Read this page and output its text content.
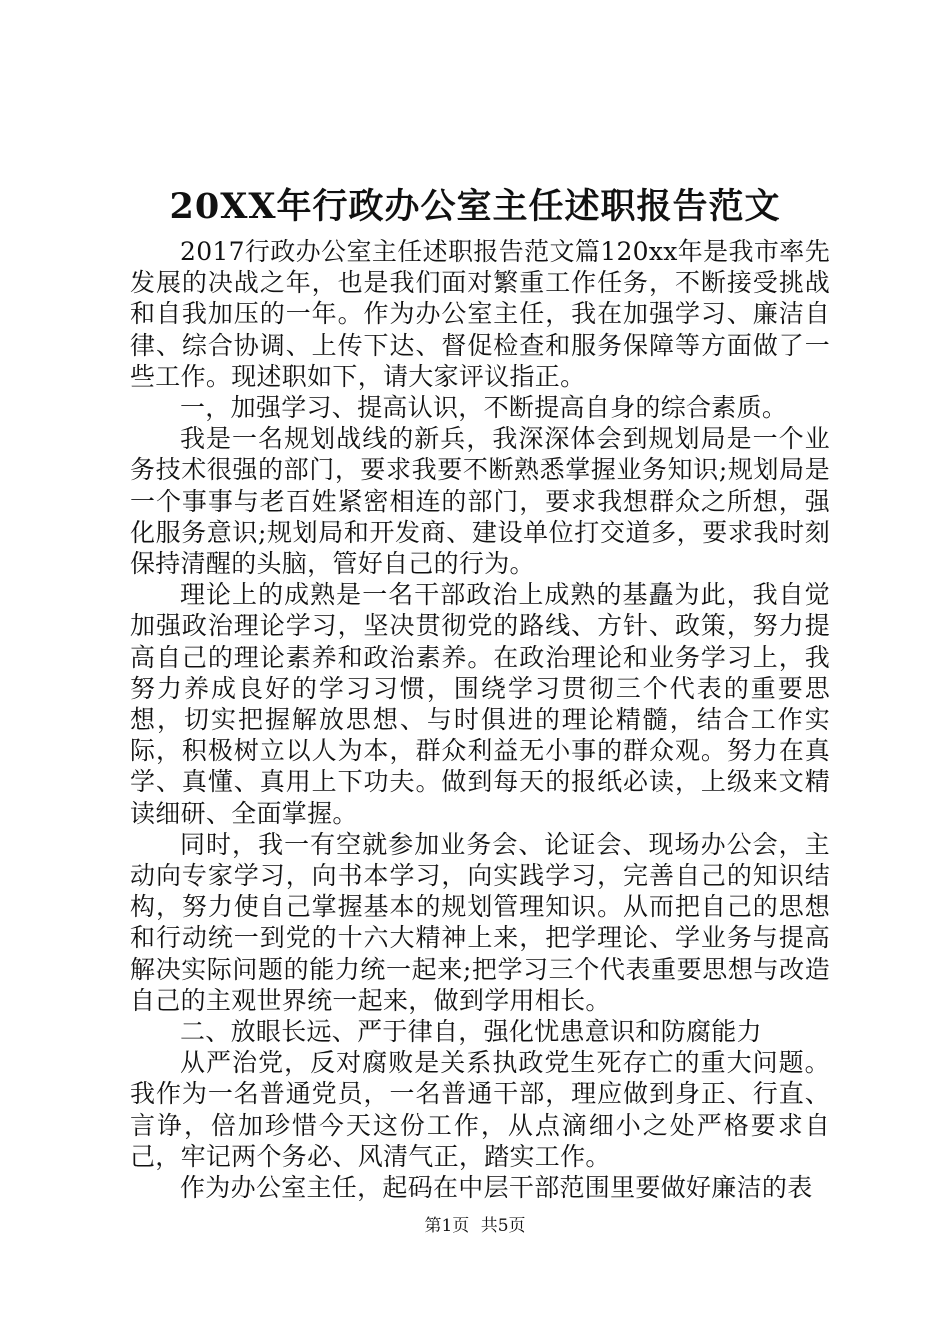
20XX年行政办公室主任述职报告范文

2017行政办公室主任述职报告范文篇120xx年是我市率先发展的决战之年，也是我们面对繁重工作任务，不断接受挑战和自我加压的一年。作为办公室主任，我在加强学习、廉洁自律、综合协调、上传下达、督促检查和服务保障等方面做了一些工作。现述职如下，请大家评议指正。

一，加强学习、提高认识，不断提高自身的综合素质。

我是一名规划战线的新兵，我深深体会到规划局是一个业务技术很强的部门，要求我要不断熟悉掌握业务知识;规划局是一个事事与老百姓紧密相连的部门，要求我想群众之所想，强化服务意识;规划局和开发商、建设单位打交道多，要求我时刻保持清醒的头脑，管好自己的行为。

理论上的成熟是一名干部政治上成熟的基矗为此，我自觉加强政治理论学习，坚决贯彻党的路线、方针、政策，努力提高自己的理论素养和政治素养。在政治理论和业务学习上，我努力养成良好的学习习惯，围绕学习贯彻三个代表的重要思想，切实把握解放思想、与时俱进的理论精髓，结合工作实际，积极树立以人为本，群众利益无小事的群众观。努力在真学、真懂、真用上下功夫。做到每天的报纸必读，上级来文精读细研、全面掌握。

同时，我一有空就参加业务会、论证会、现场办公会，主动向专家学习，向书本学习，向实践学习，完善自己的知识结构，努力使自己掌握基本的规划管理知识。从而把自己的思想和行动统一到党的十六大精神上来，把学理论、学业务与提高解决实际问题的能力统一起来;把学习三个代表重要思想与改造自己的主观世界统一起来，做到学用相长。

二、放眼长远、严于律自，强化忧患意识和防腐能力

从严治党，反对腐败是关系执政党生死存亡的重大问题。我作为一名普通党员，一名普通干部，理应做到身正、行直、言诤，倍加珍惜今天这份工作，从点滴细小之处严格要求自己，牢记两个务必、风清气正，踏实工作。

作为办公室主任，起码在中层干部范围里要做好廉洁的表

第1页 共5页
